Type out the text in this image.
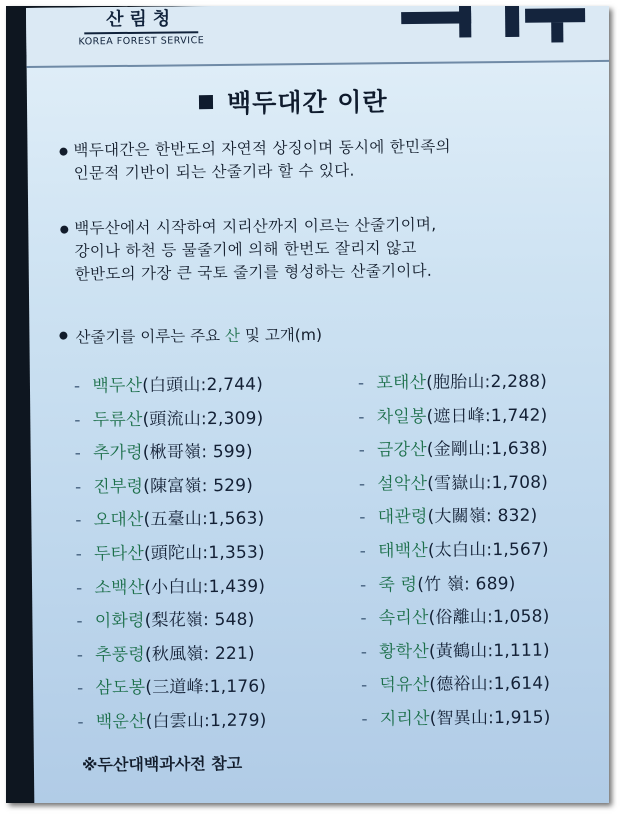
산림청
KOREA FOREST SERVICE
백두대간 이란
백두대간은 한반도의 자연적 상징이며 동시에 한민족의
인문적 기반이 되는 산줄기라 할 수 있다.
백두산에서 시작하여 지리산까지 이르는 산줄기이며,
강이나 하천 등 물줄기에 의해 한번도 잘리지 않고
한반도의 가장 큰 국토 줄기를 형성하는 산줄기이다.
산줄기를 이루는 주요 산 및 고개(m)
- 백두산(白頭山:2,744)
- 두류산(頭流山:2,309)
- 추가령(楸哥嶺: 599)
- 진부령(陳富嶺: 529)
- 오대산(五臺山:1,563)
- 두타산(頭陀山:1,353)
- 소백산(小白山:1,439)
- 이화령(梨花嶺: 548)
- 추풍령(秋風嶺: 221)
- 삼도봉(三道峰:1,176)
- 백운산(白雲山:1,279)
- 포태산(胞胎山:2,288)
- 차일봉(遮日峰:1,742)
- 금강산(金剛山:1,638)
- 설악산(雪嶽山:1,708)
- 대관령(大關嶺: 832)
- 태백산(太白山:1,567)
- 죽 령(竹 嶺: 689)
- 속리산(俗離山:1,058)
- 황학산(黃鶴山:1,111)
- 덕유산(德裕山:1,614)
- 지리산(智異山:1,915)
※두산대백과사전 참고
